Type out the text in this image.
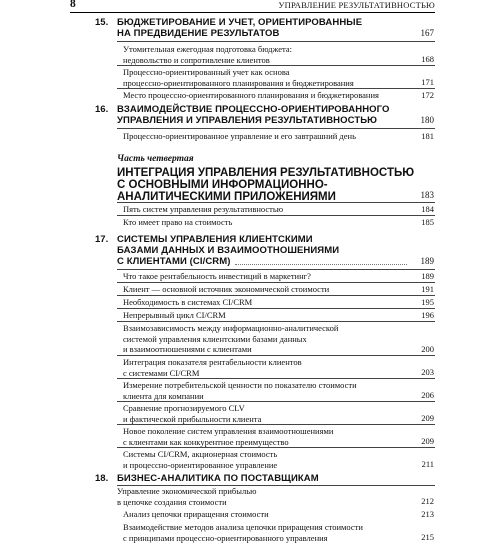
8	УПРАВЛЕНИЕ РЕЗУЛЬТАТИВНОСТЬЮ
15. БЮДЖЕТИРОВАНИЕ И УЧЕТ, ОРИЕНТИРОВАННЫЕ
НА ПРЕДВИДЕНИЕ РЕЗУЛЬТАТОВ	167
Утомительная ежегодная подготовка бюджета:
недовольство и сопротивление клиентов	168
Процессно-ориентированный учет как основа
процессно-ориентированного планирования и бюджетирования	171
Место процессно-ориентированного планирования и бюджетирования	172
16. ВЗАИМОДЕЙСТВИЕ ПРОЦЕССНО-ОРИЕНТИРОВАННОГО
УПРАВЛЕНИЯ И УПРАВЛЕНИЯ РЕЗУЛЬТАТИВНОСТЬЮ	180
Процессно-ориентированное управление и его завтрашний день	181
Часть четвертая
ИНТЕГРАЦИЯ УПРАВЛЕНИЯ РЕЗУЛЬТАТИВНОСТЬЮ
С ОСНОВНЫМИ ИНФОРМАЦИОННО-
АНАЛИТИЧЕСКИМИ ПРИЛОЖЕНИЯМИ	183
Пять систем управления результативностью	184
Кто имеет право на стоимость	185
17. СИСТЕМЫ УПРАВЛЕНИЯ КЛИЕНТСКИМИ
БАЗАМИ ДАННЫХ И ВЗАИМООТНОШЕНИЯМИ
С КЛИЕНТАМИ (CI/CRM)	189
Что такое рентабельность инвестиций в маркетинг?	189
Клиент — основной источник экономической стоимости	191
Необходимость в системах CI/CRM	195
Непрерывный цикл CI/CRM	196
Взаимозависимость между информационно-аналитической
системой управления клиентскими базами данных
и взаимоотношениями с клиентами	200
Интеграция показателя рентабельности клиентов
с системами CI/CRM	203
Измерение потребительской ценности по показателю стоимости
клиента для компании	206
Сравнение прогнозируемого CLV
и фактической прибыльности клиента	209
Новое поколение систем управления взаимоотношениями
с клиентами как конкурентное преимущество	209
Системы CI/CRM, акционерная стоимость
и процессно-ориентированное управление	211
18. БИЗНЕС-АНАЛИТИКА ПО ПОСТАВЩИКАМ
Управление экономической прибылью
в цепочке создания стоимости	212
Анализ цепочки приращения стоимости	213
Взаимодействие методов анализа цепочки приращения стоимости
с принципами процессно-ориентированного управления	215
